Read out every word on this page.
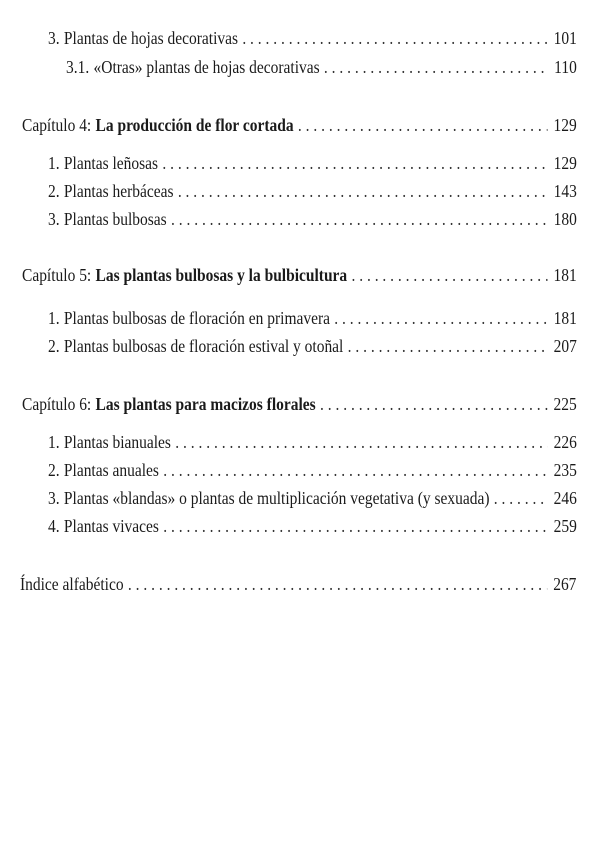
3. Plantas de hojas decorativas . . .	101
3.1. «Otras» plantas de hojas decorativas . . .	110
Capítulo 4: La producción de flor cortada . . .	129
1. Plantas leñosas . . .	129
2. Plantas herbáceas . . .	143
3. Plantas bulbosas . . .	180
Capítulo 5: Las plantas bulbosas y la bulbicultura . . .	181
1. Plantas bulbosas de floración en primavera . . .	181
2. Plantas bulbosas de floración estival y otoñal . . .	207
Capítulo 6: Las plantas para macizos florales . . .	225
1. Plantas bianuales . . .	226
2. Plantas anuales . . .	235
3. Plantas «blandas» o plantas de multiplicación vegetativa (y sexuada) . . .	246
4. Plantas vivaces . . .	259
Índice alfabético . . .	267
